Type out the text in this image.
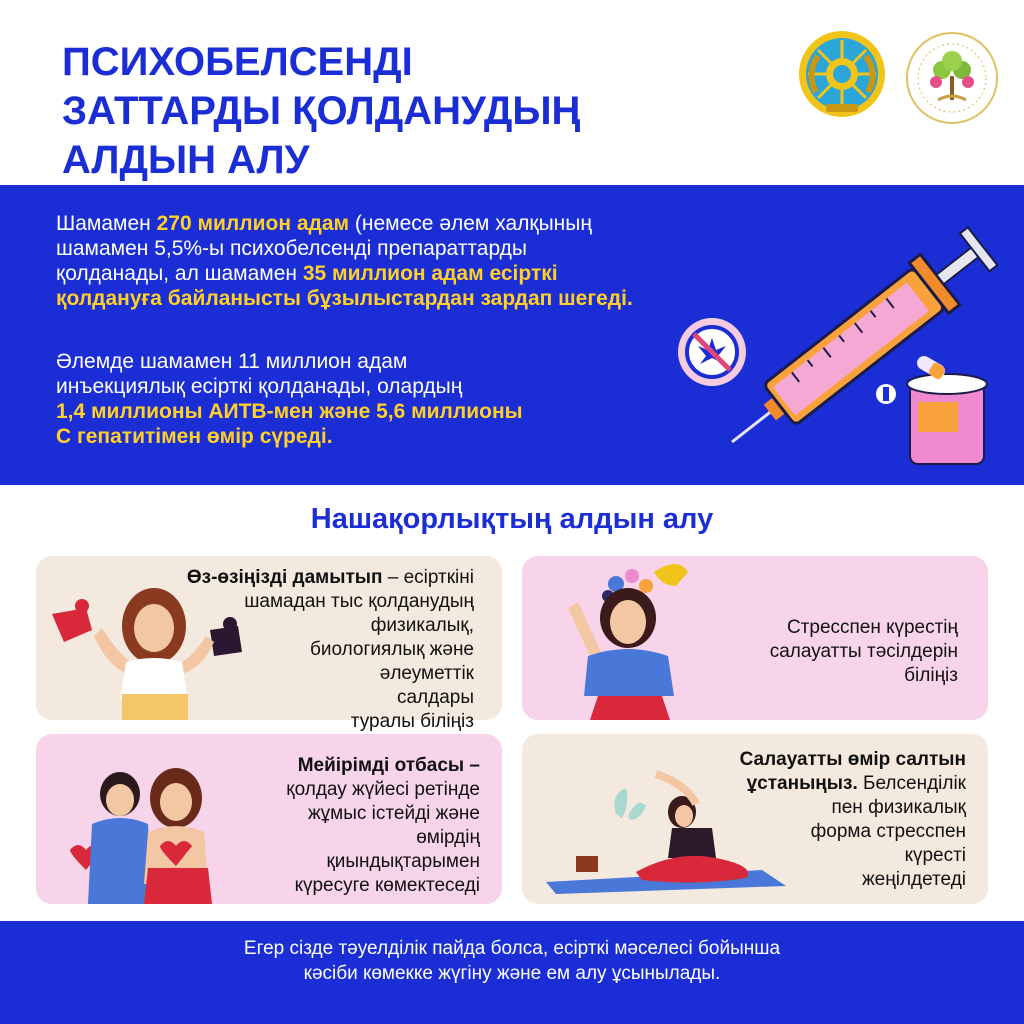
ПСИХОБЕЛСЕНДІ
ЗАТТАРДЫ ҚОЛДАНУДЫҢ
АЛДЫН АЛУ
Шамамен 270 миллион адам (немесе әлем халқының
шамамен 5,5%-ы психобелсенді препараттарды
қолданады, ал шамамен 35 миллион адам есірткі
қолдануға байланысты бұзылыстардан зардап шегеді.
Әлемде шамамен 11 миллион адам
инъекциялық есірткі қолданады, олардың
1,4 миллионы АИТВ-мен және 5,6 миллионы
С гепатитімен өмір сүреді.
Нашақорлықтың алдын алу
Өз-өзіңізді дамытып – есірткіні
шамадан тыс қолданудың
физикалық,
биологиялық және
әлеуметтік
салдары
туралы біліңіз
Стресспен күрестің
салауатты тәсілдерін
біліңіз
Мейірімді отбасы –
қолдау жүйесі ретінде
жұмыс істейді және
өмірдің
қиындықтарымен
күресуге көмектеседі
Салауатты өмір салтын
ұстаныңыз. Белсенділік
пен физикалық
форма стресспен
күресті
жеңілдетеді
Егер сізде тәуелділік пайда болса, есірткі мәселесі бойынша
кәсіби көмекке жүгіну және ем алу ұсынылады.
